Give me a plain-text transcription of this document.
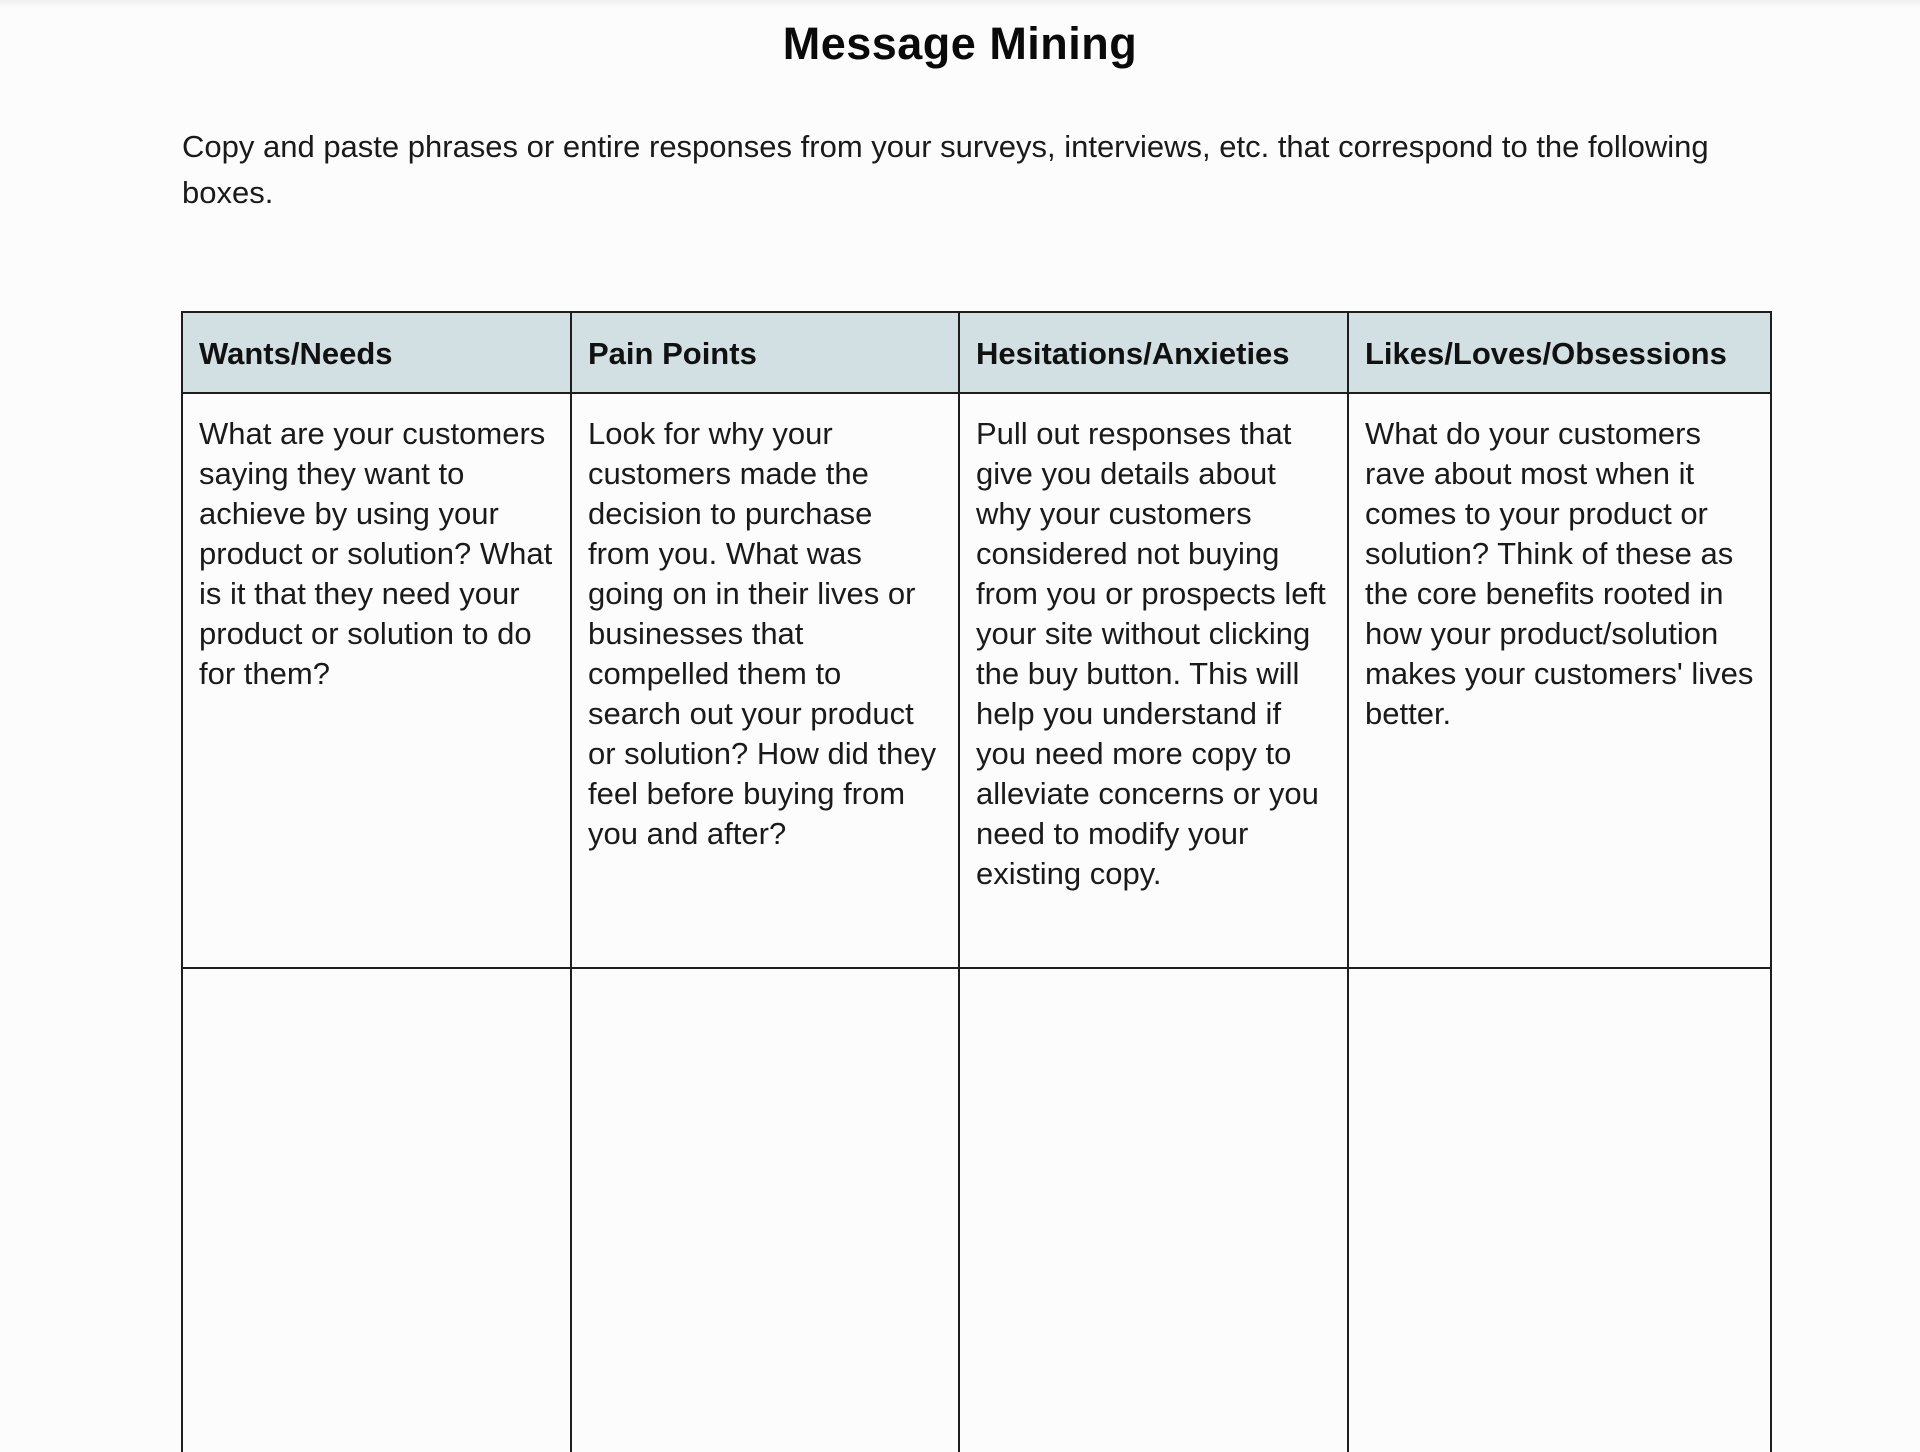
Message Mining

Copy and paste phrases or entire responses from your surveys, interviews, etc. that correspond to the following boxes.

Wants/Needs	Pain Points	Hesitations/Anxieties	Likes/Loves/Obsessions
What are your customers saying they want to achieve by using your product or solution? What is it that they need your product or solution to do for them?	Look for why your customers made the decision to purchase from you. What was going on in their lives or businesses that compelled them to search out your product or solution? How did they feel before buying from you and after?	Pull out responses that give you details about why your customers considered not buying from you or prospects left your site without clicking the buy button. This will help you understand if you need more copy to alleviate concerns or you need to modify your existing copy.	What do your customers rave about most when it comes to your product or solution? Think of these as the core benefits rooted in how your product/solution makes your customers' lives better.
